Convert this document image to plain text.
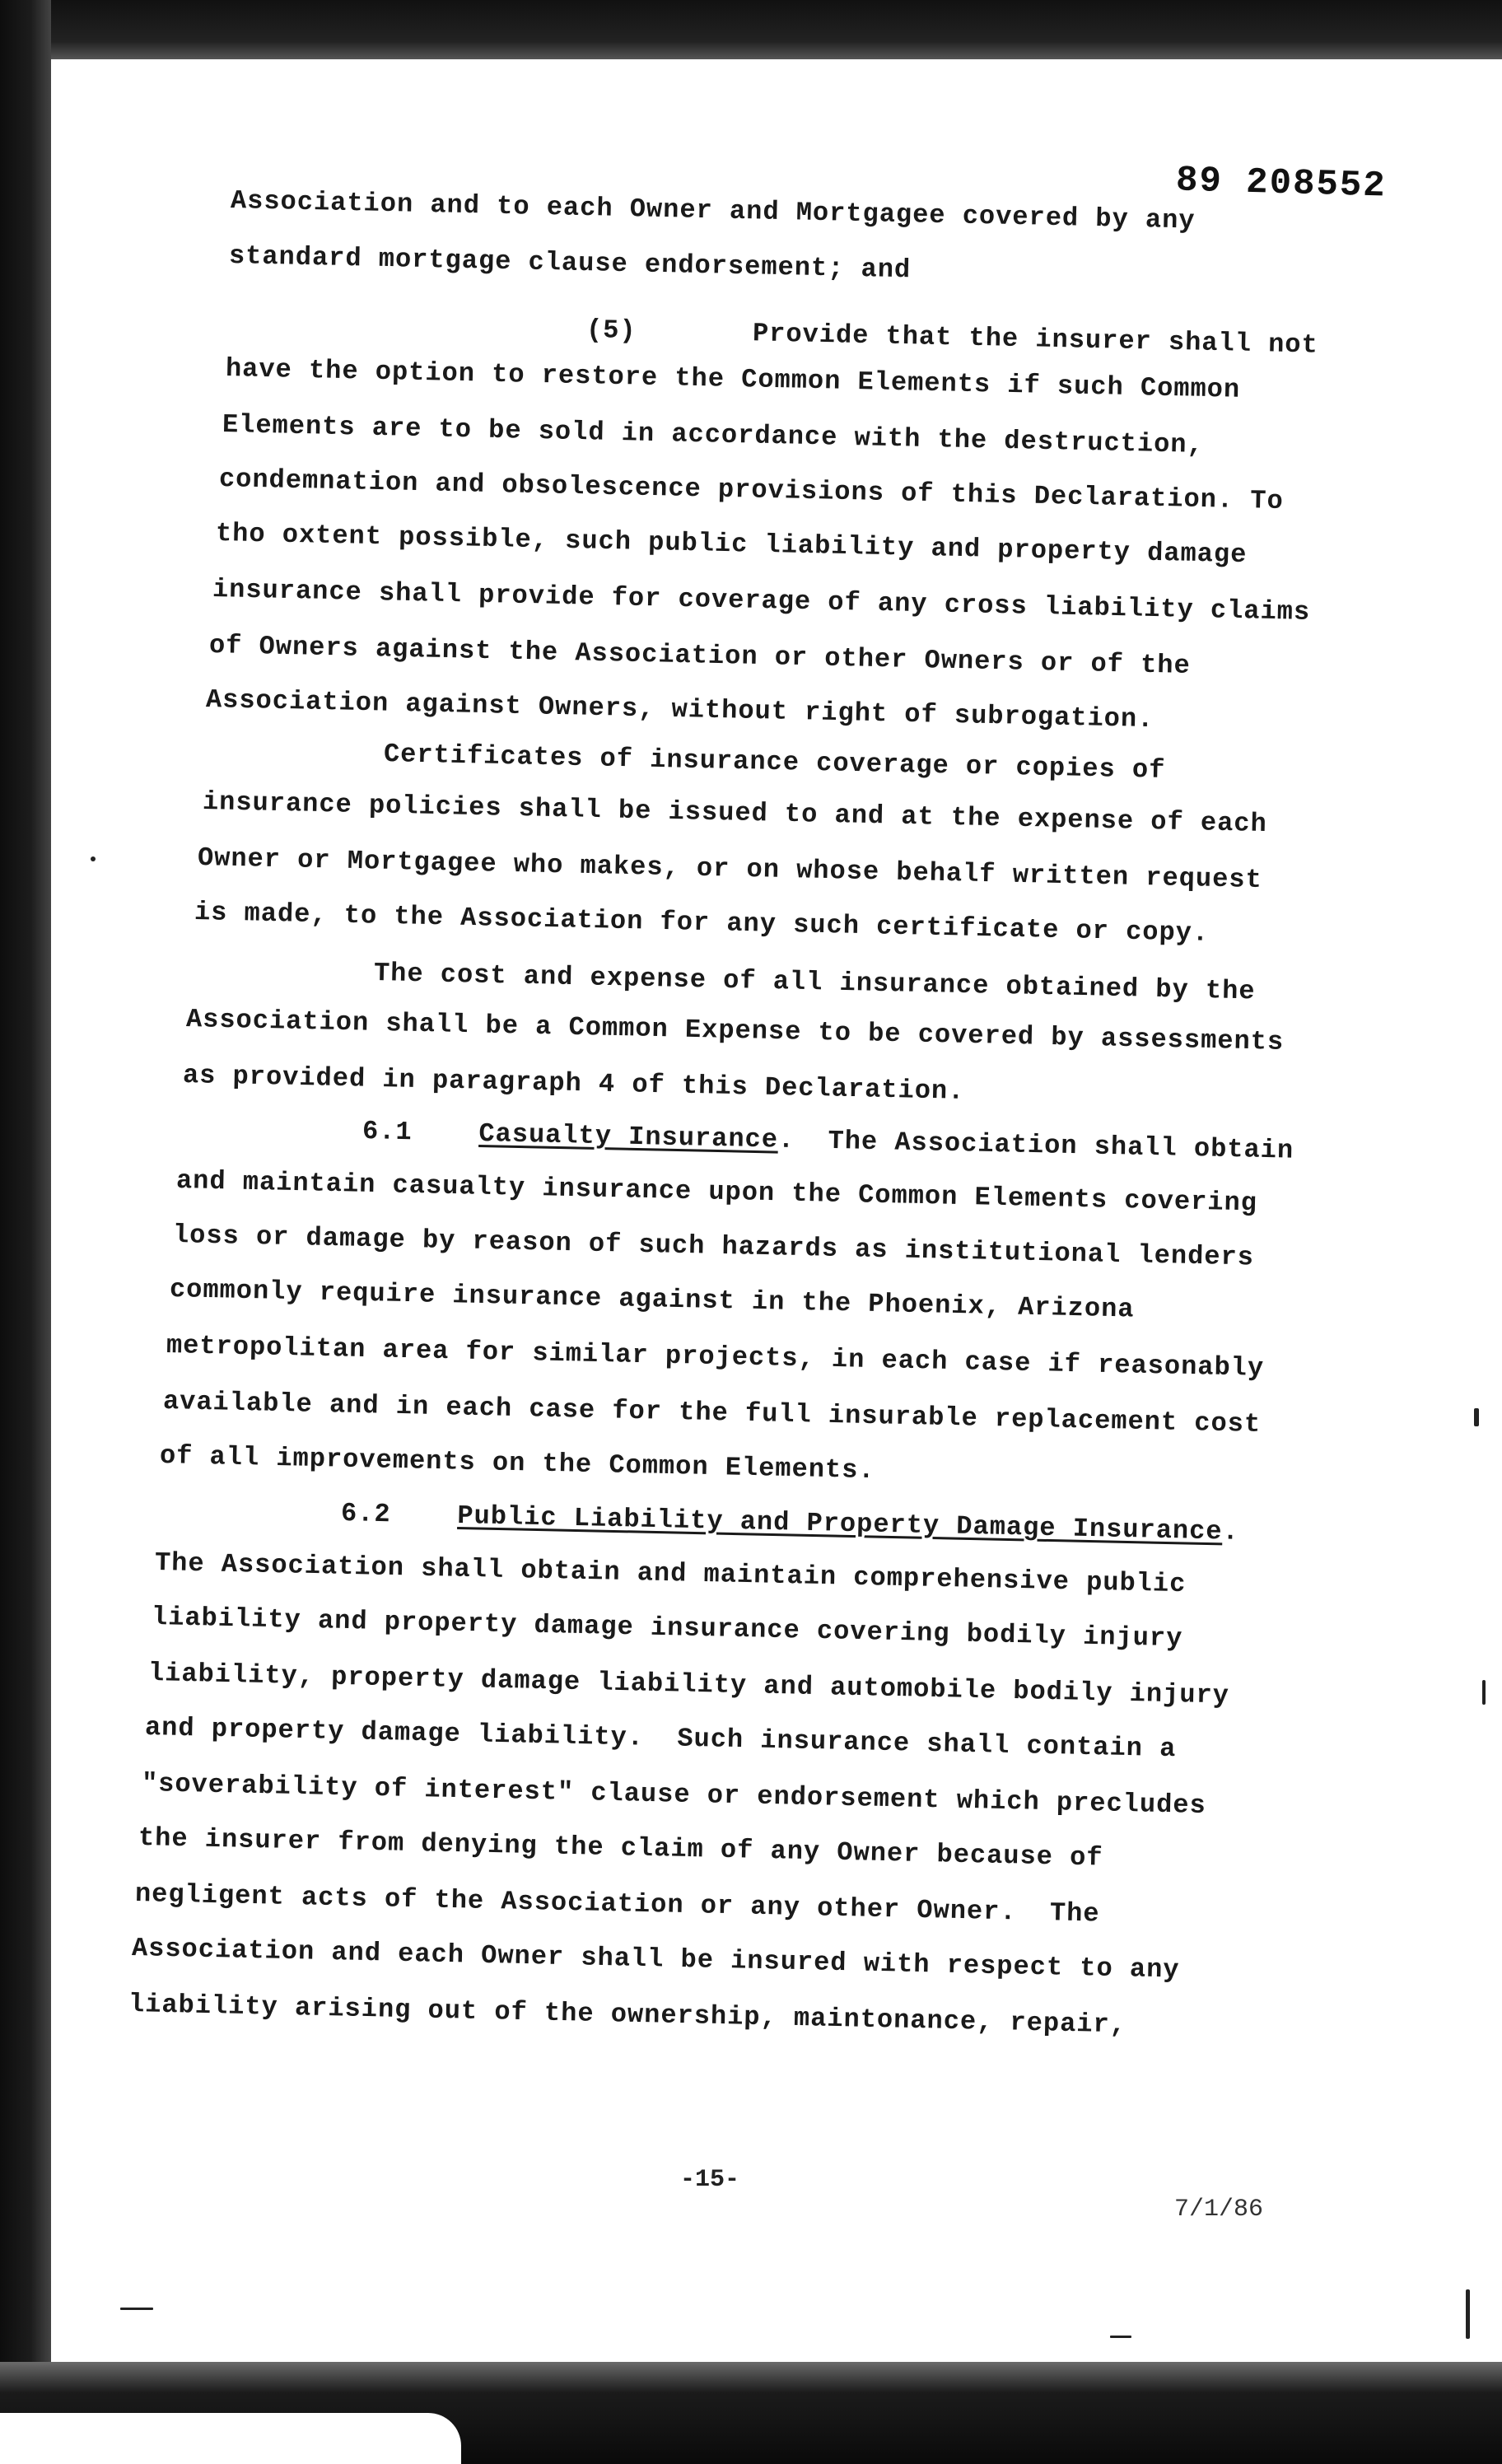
89 208552
Association and to each Owner and Mortgagee covered by any
standard mortgage clause endorsement; and
(5)       Provide that the insurer shall not
have the option to restore the Common Elements if such Common
Elements are to be sold in accordance with the destruction,
condemnation and obsolescence provisions of this Declaration. To
tho oxtent possible, such public liability and property damage
insurance shall provide for coverage of any cross liability claims
of Owners against the Association or other Owners or of the
Association against Owners, without right of subrogation.
Certificates of insurance coverage or copies of
insurance policies shall be issued to and at the expense of each
Owner or Mortgagee who makes, or on whose behalf written request
is made, to the Association for any such certificate or copy.
The cost and expense of all insurance obtained by the
Association shall be a Common Expense to be covered by assessments
as provided in paragraph 4 of this Declaration.
6.1	Casualty Insurance.  The Association shall obtain
and maintain casualty insurance upon the Common Elements covering
loss or damage by reason of such hazards as institutional lenders
commonly require insurance against in the Phoenix, Arizona
metropolitan area for similar projects, in each case if reasonably
available and in each case for the full insurable replacement cost
of all improvements on the Common Elements.
6.2	Public Liability and Property Damage Insurance.
The Association shall obtain and maintain comprehensive public
liability and property damage insurance covering bodily injury
liability, property damage liability and automobile bodily injury
and property damage liability.  Such insurance shall contain a
"soverability of interest" clause or endorsement which precludes
the insurer from denying the claim of any Owner because of
negligent acts of the Association or any other Owner.  The
Association and each Owner shall be insured with respect to any
liability arising out of the ownership, maintonance, repair,
-15-
7/1/86
